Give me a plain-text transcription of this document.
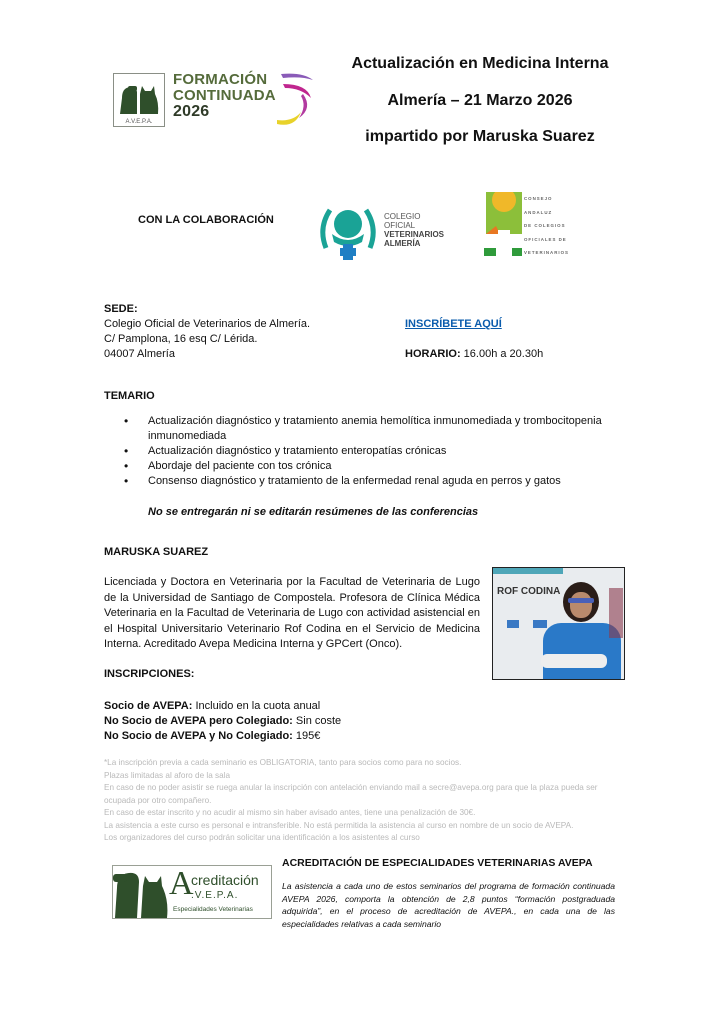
A.V.E.P.A.
FORMACIÓN
CONTINUADA
2026
Actualización en Medicina Interna
Almería – 21 Marzo 2026
impartido por Maruska Suarez
CON LA COLABORACIÓN	COLEGIO OFICIAL
VETERINARIOS
ALMERÍA
CONSEJO
ANDALUZ
DE COLEGIOS
OFICIALES DE
VETERINARIOS
SEDE:
Colegio Oficial de Veterinarios de Almería.
C/ Pamplona, 16 esq C/ Lérida.
04007 Almería
INSCRÍBETE AQUÍ
HORARIO: 16.00h a 20.30h
TEMARIO
• Actualización diagnóstico y tratamiento anemia hemolítica inmunomediada y trombocitopenia inmunomediada
• Actualización diagnóstico y tratamiento enteropatías crónicas
• Abordaje del paciente con tos crónica
• Consenso diagnóstico y tratamiento de la enfermedad renal aguda en perros y gatos
No se entregarán ni se editarán resúmenes de las conferencias
MARUSKA SUAREZ
Licenciada y Doctora en Veterinaria por la Facultad de Veterinaria de Lugo de la Universidad de Santiago de Compostela. Profesora de Clínica Médica Veterinaria en la Facultad de Veterinaria de Lugo con actividad asistencial en el Hospital Universitario Veterinario Rof Codina en el Servicio de Medicina Interna. Acreditado Avepa Medicina Interna y GPCert (Onco).
ROF CODINA
INSCRIPCIONES:
Socio de AVEPA: Incluido en la cuota anual
No Socio de AVEPA pero Colegiado: Sin coste
No Socio de AVEPA y No Colegiado: 195€
*La inscripción previa a cada seminario es OBLIGATORIA, tanto para socios como para no socios.
Plazas limitadas al aforo de la sala
En caso de no poder asistir se ruega anular la inscripción con antelación enviando mail a secre@avepa.org para que la plaza pueda ser ocupada por otro compañero.
En caso de estar inscrito y no acudir al mismo sin haber avisado antes, tiene una penalización de 30€.
La asistencia a este curso es personal e intransferible. No está permitida la asistencia al curso en nombre de un socio de AVEPA.
Los organizadores del curso podrán solicitar una identificación a los asistentes al curso
A
creditación
.V.E.P.A.
Especialidades Veterinarias
ACREDITACIÓN DE ESPECIALIDADES VETERINARIAS AVEPA
La asistencia a cada uno de estos seminarios del programa de formación continuada AVEPA 2026, comporta la obtención de 2,8 puntos “formación postgraduada adquirida”, en el proceso de acreditación de AVEPA., en cada una de las especialidades relativas a cada seminario
